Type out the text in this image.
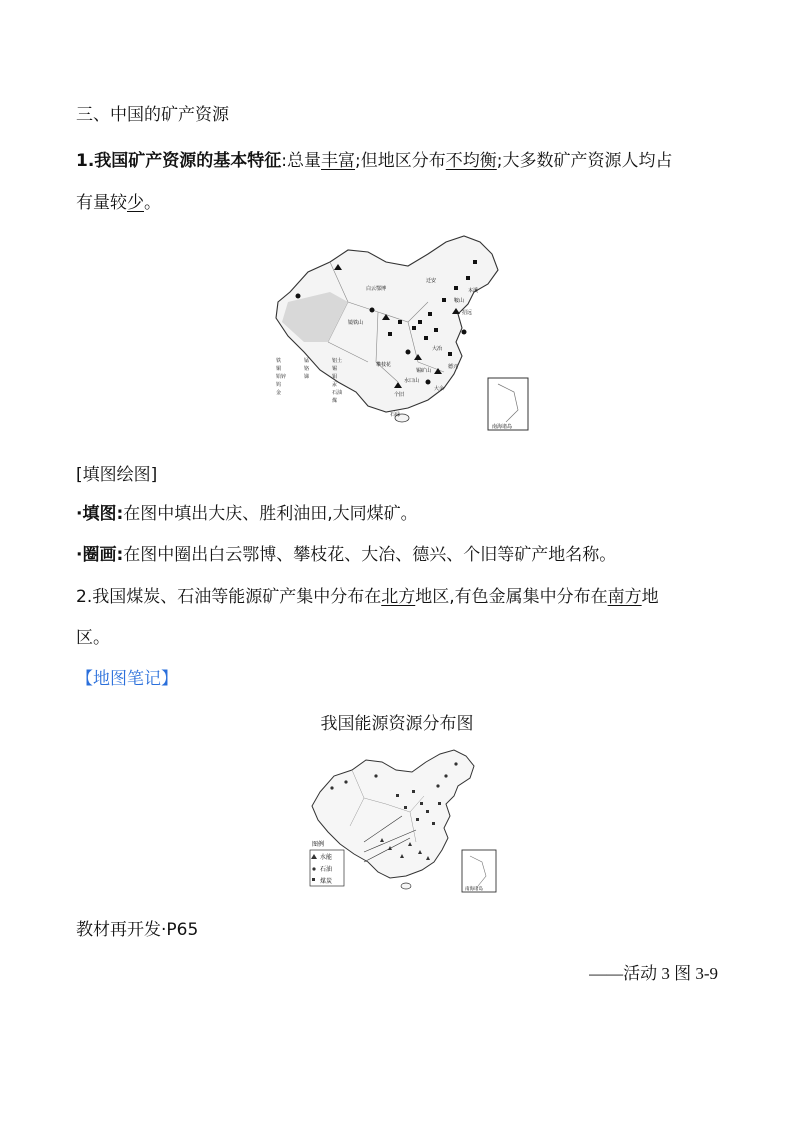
三、中国的矿产资源
1.我国矿产资源的基本特征:总量丰富;但地区分布不均衡;大多数矿产资源人均占
有量较少。
白云鄂博
迁安
本溪
鞍山
招远
镜铁山
攀枝花
大冶
德兴
锡矿山
个旧
大余
水口山
石碌
铁
铜
铅锌
钨
金
锰
铬
锑
铝土
锡
钼
汞
石油
煤
南海诸岛
[填图绘图]
·填图:在图中填出大庆、胜利油田,大同煤矿。
·圈画:在图中圈出白云鄂博、攀枝花、大冶、德兴、个旧等矿产地名称。
2.我国煤炭、石油等能源矿产集中分布在北方地区,有色金属集中分布在南方地
区。
【地图笔记】
我国能源资源分布图
图例
水能
石油
煤炭
南海诸岛
教材再开发·P65
——活动 3 图 3-9
